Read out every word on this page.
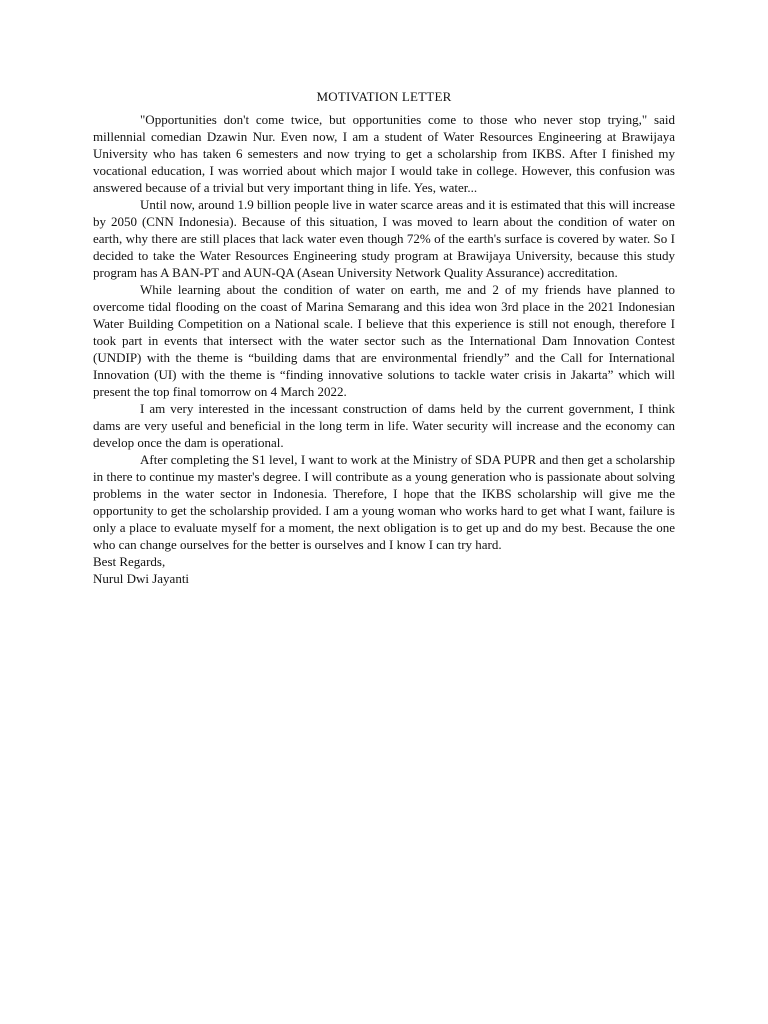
MOTIVATION LETTER

"Opportunities don't come twice, but opportunities come to those who never stop trying," said millennial comedian Dzawin Nur. Even now, I am a student of Water Resources Engineering at Brawijaya University who has taken 6 semesters and now trying to get a scholarship from IKBS. After I finished my vocational education, I was worried about which major I would take in college. However, this confusion was answered because of a trivial but very important thing in life. Yes, water...

Until now, around 1.9 billion people live in water scarce areas and it is estimated that this will increase by 2050 (CNN Indonesia). Because of this situation, I was moved to learn about the condition of water on earth, why there are still places that lack water even though 72% of the earth's surface is covered by water. So I decided to take the Water Resources Engineering study program at Brawijaya University, because this study program has A BAN-PT and AUN-QA (Asean University Network Quality Assurance) accreditation.

While learning about the condition of water on earth, me and 2 of my friends have planned to overcome tidal flooding on the coast of Marina Semarang and this idea won 3rd place in the 2021 Indonesian Water Building Competition on a National scale. I believe that this experience is still not enough, therefore I took part in events that intersect with the water sector such as the International Dam Innovation Contest (UNDIP) with the theme is “building dams that are environmental friendly” and the Call for International Innovation (UI) with the theme is “finding innovative solutions to tackle water crisis in Jakarta” which will present the top final tomorrow on 4 March 2022.

I am very interested in the incessant construction of dams held by the current government, I think dams are very useful and beneficial in the long term in life. Water security will increase and the economy can develop once the dam is operational.

After completing the S1 level, I want to work at the Ministry of SDA PUPR and then get a scholarship in there to continue my master's degree. I will contribute as a young generation who is passionate about solving problems in the water sector in Indonesia. Therefore, I hope that the IKBS scholarship will give me the opportunity to get the scholarship provided. I am a young woman who works hard to get what I want, failure is only a place to evaluate myself for a moment, the next obligation is to get up and do my best. Because the one who can change ourselves for the better is ourselves and I know I can try hard.

Best Regards,

Nurul Dwi Jayanti
